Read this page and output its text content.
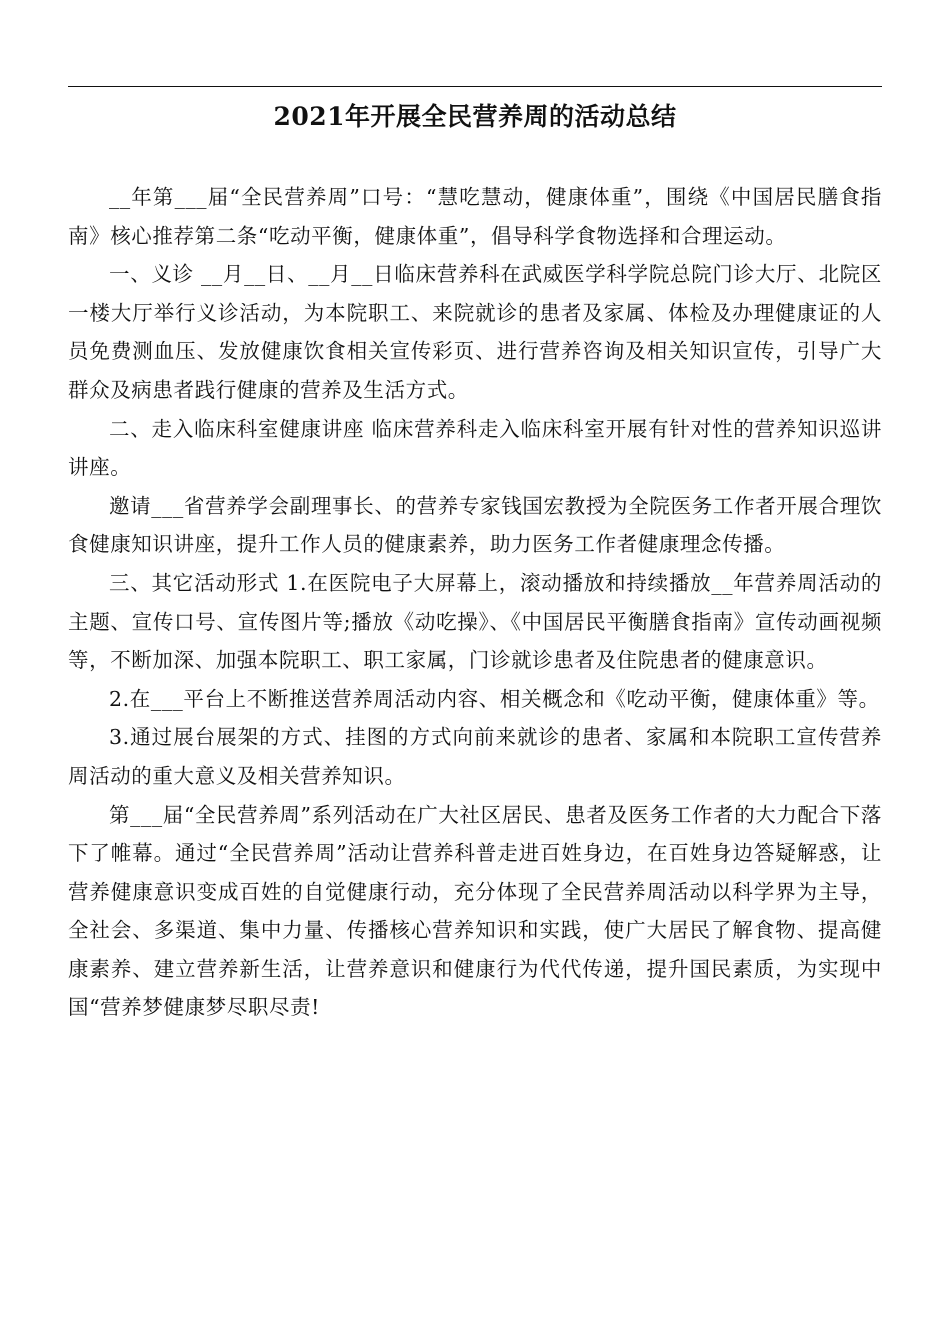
2021年开展全民营养周的活动总结

__年第___届“全民营养周”口号：“慧吃慧动，健康体重”，围绕《中国居民膳食指南》核心推荐第二条“吃动平衡，健康体重”，倡导科学食物选择和合理运动。

一、义诊 __月__日、__月__日临床营养科在武威医学科学院总院门诊大厅、北院区一楼大厅举行义诊活动，为本院职工、来院就诊的患者及家属、体检及办理健康证的人员免费测血压、发放健康饮食相关宣传彩页、进行营养咨询及相关知识宣传，引导广大群众及病患者践行健康的营养及生活方式。

二、走入临床科室健康讲座 临床营养科走入临床科室开展有针对性的营养知识巡讲讲座。

邀请___省营养学会副理事长、的营养专家钱国宏教授为全院医务工作者开展合理饮食健康知识讲座，提升工作人员的健康素养，助力医务工作者健康理念传播。

三、其它活动形式 1.在医院电子大屏幕上，滚动播放和持续播放__年营养周活动的主题、宣传口号、宣传图片等;播放《动吃操》、《中国居民平衡膳食指南》宣传动画视频等，不断加深、加强本院职工、职工家属，门诊就诊患者及住院患者的健康意识。

2.在___平台上不断推送营养周活动内容、相关概念和《吃动平衡，健康体重》等。

3.通过展台展架的方式、挂图的方式向前来就诊的患者、家属和本院职工宣传营养周活动的重大意义及相关营养知识。

第___届“全民营养周”系列活动在广大社区居民、患者及医务工作者的大力配合下落下了帷幕。通过“全民营养周”活动让营养科普走进百姓身边，在百姓身边答疑解惑，让营养健康意识变成百姓的自觉健康行动，充分体现了全民营养周活动以科学界为主导，全社会、多渠道、集中力量、传播核心营养知识和实践，使广大居民了解食物、提高健康素养、建立营养新生活，让营养意识和健康行为代代传递，提升国民素质，为实现中国“营养梦健康梦尽职尽责!
